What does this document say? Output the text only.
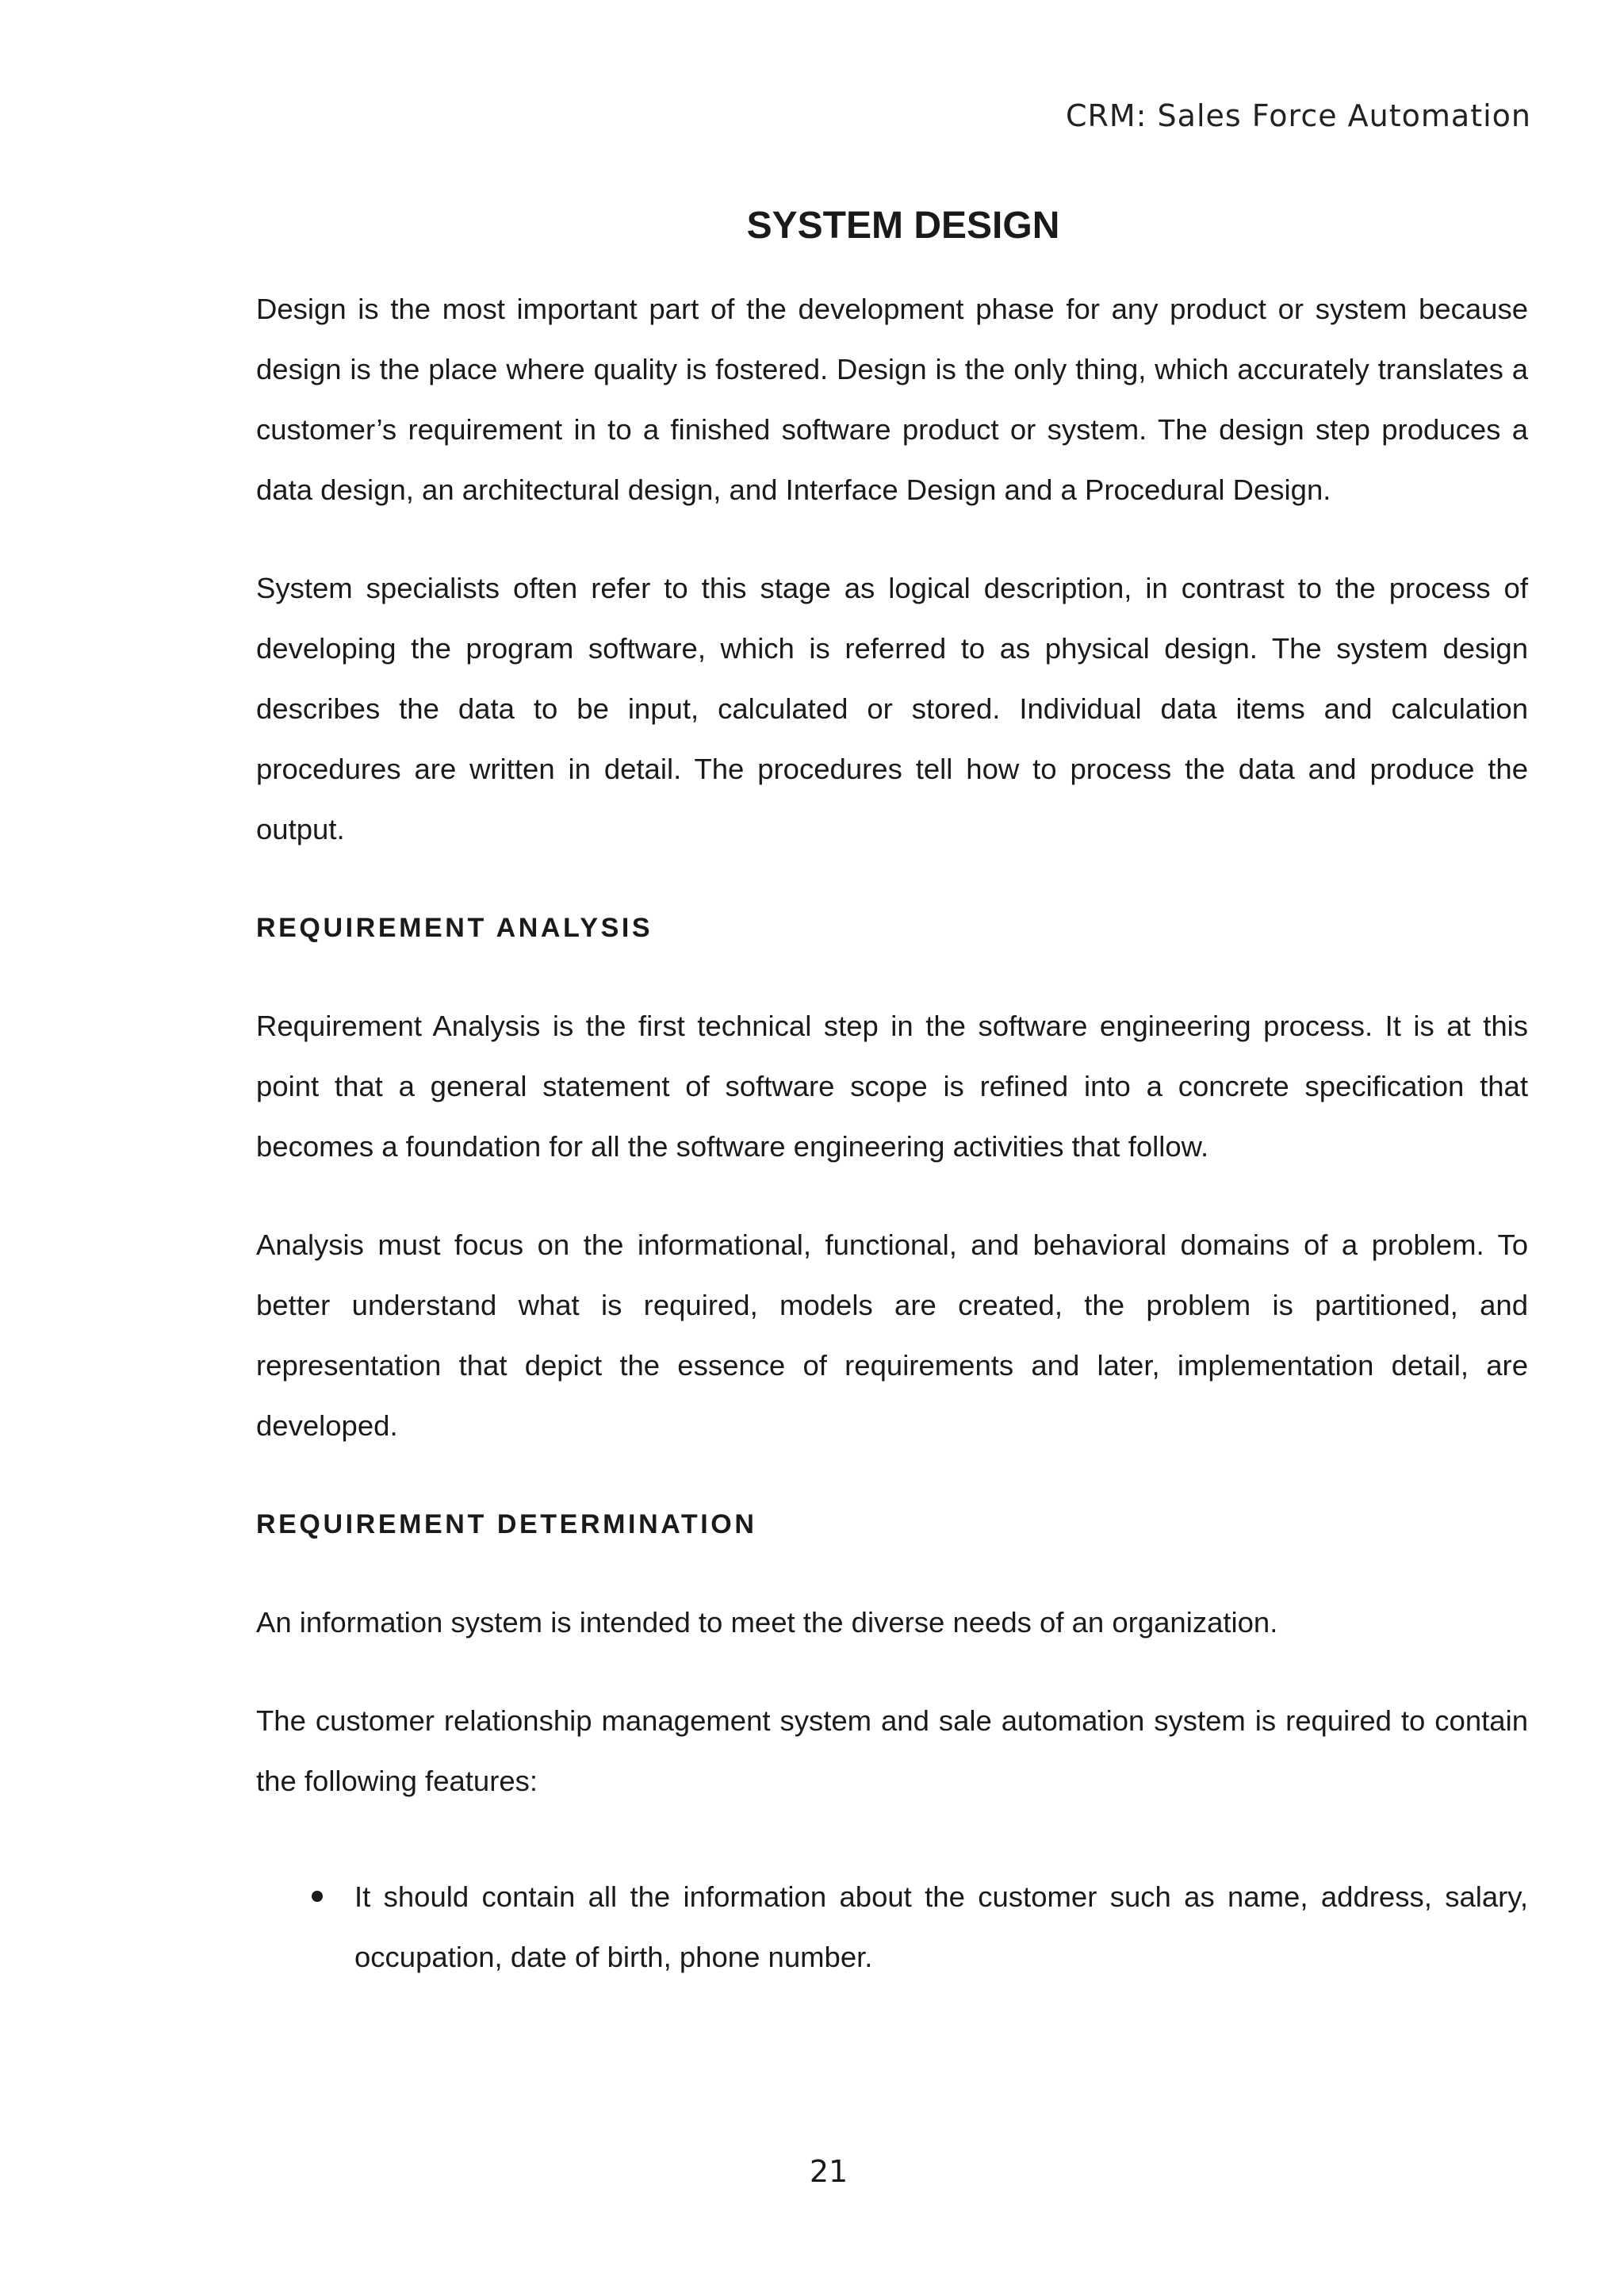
CRM: Sales Force Automation

SYSTEM DESIGN

Design is the most important part of the development phase for any product or system because design is the place where quality is fostered. Design is the only thing, which accurately translates a customer’s requirement in to a finished software product or system. The design step produces a data design, an architectural design, and Interface Design and a Procedural Design.

System specialists often refer to this stage as logical description, in contrast to the process of developing the program software, which is referred to as physical design. The system design describes the data to be input, calculated or stored. Individual data items and calculation procedures are written in detail. The procedures tell how to process the data and produce the output.

REQUIREMENT ANALYSIS

Requirement Analysis is the first technical step in the software engineering process. It is at this point that a general statement of software scope is refined into a concrete specification that becomes a foundation for all the software engineering activities that follow.

Analysis must focus on the informational, functional, and behavioral domains of a problem. To better understand what is required, models are created, the problem is partitioned, and representation that depict the essence of requirements and later, implementation detail, are developed.

REQUIREMENT DETERMINATION

An information system is intended to meet the diverse needs of an organization.

The customer relationship management system and sale automation system is required to contain the following features:

It should contain all the information about the customer such as name, address, salary, occupation, date of birth, phone number.

21
